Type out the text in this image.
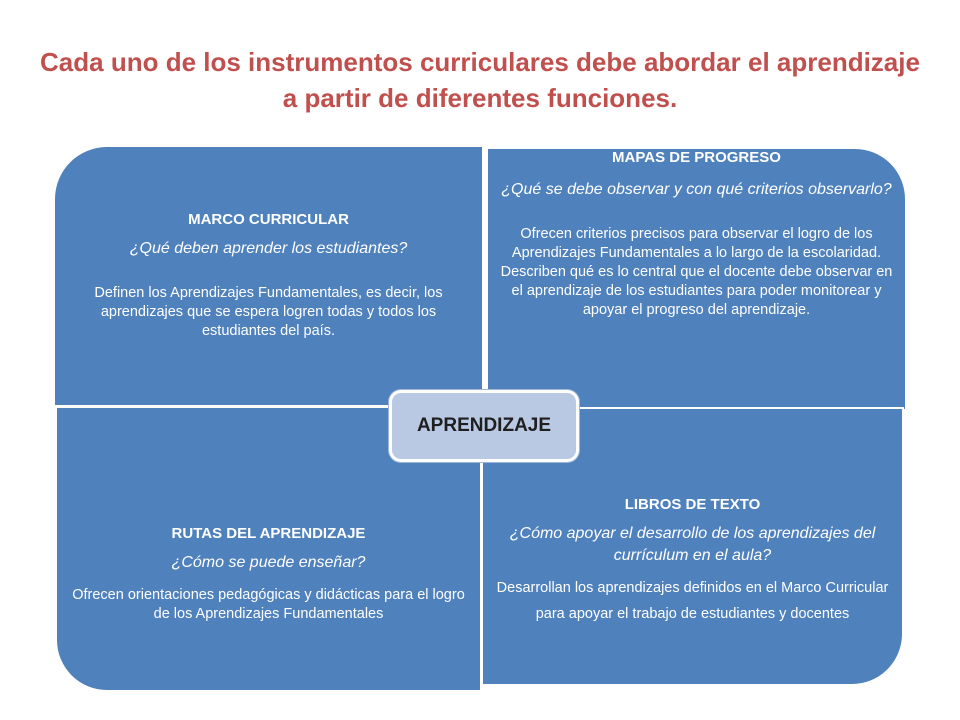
Cada uno de los instrumentos curriculares debe abordar el aprendizaje a partir de diferentes funciones.

MARCO CURRICULAR

¿Qué deben aprender los estudiantes?

Definen los Aprendizajes Fundamentales, es decir, los aprendizajes que se espera logren todas y todos los estudiantes del país.

MAPAS DE PROGRESO

¿Qué se debe observar y con qué criterios observarlo?

Ofrecen criterios precisos para observar el logro de los Aprendizajes Fundamentales a lo largo de la escolaridad. Describen qué es lo central que el docente debe observar en el aprendizaje de los estudiantes para poder monitorear y apoyar el progreso del aprendizaje.

RUTAS DEL APRENDIZAJE

¿Cómo se puede enseñar?

Ofrecen orientaciones pedagógicas y didácticas para el logro de los Aprendizajes Fundamentales

LIBROS DE TEXTO

¿Cómo apoyar el desarrollo de los aprendizajes del currículum en el aula?

Desarrollan los aprendizajes definidos en el Marco Curricular para apoyar el trabajo de estudiantes y docentes

APRENDIZAJE
